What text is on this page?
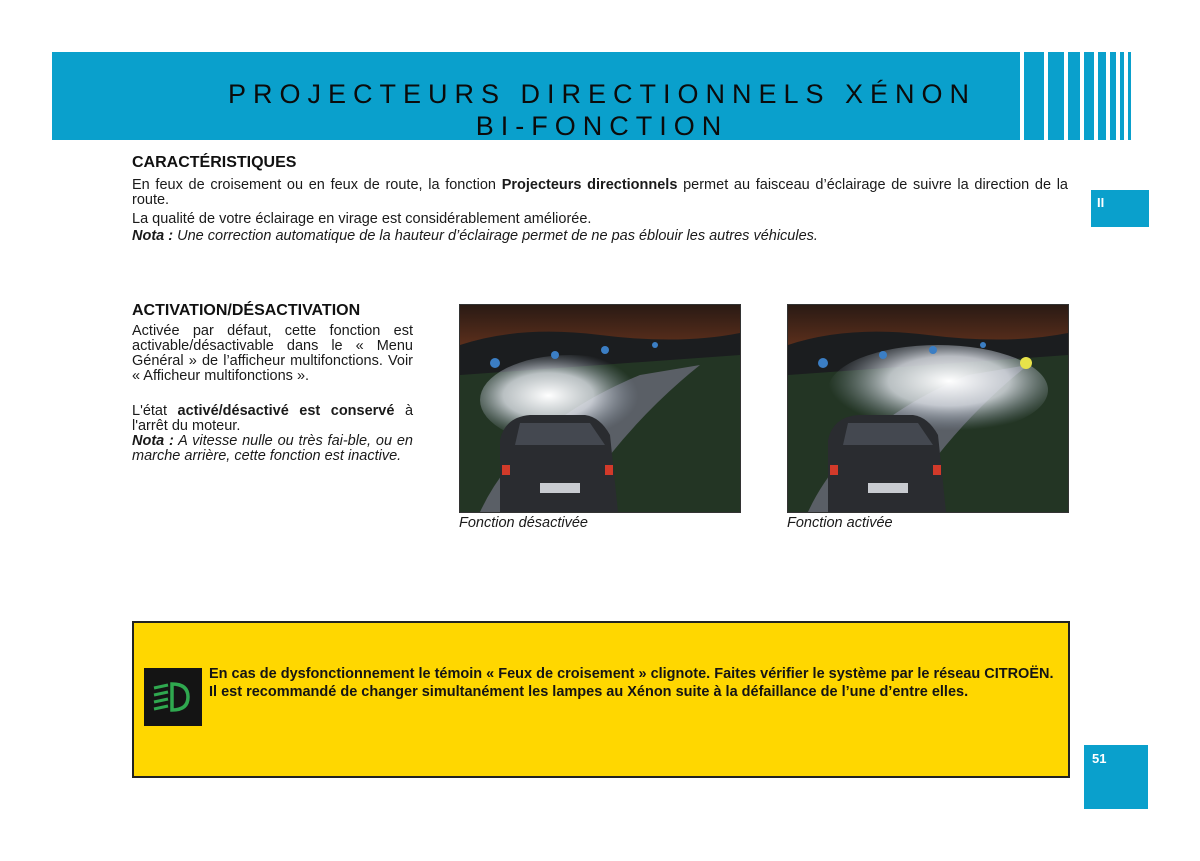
PROJECTEURS DIRECTIONNELS XÉNON
BI-FONCTION
II
CARACTÉRISTIQUES
En feux de croisement ou en feux de route, la fonction Projecteurs directionnels permet au faisceau d’éclairage de suivre la direction de la route.
La qualité de votre éclairage en virage est considérablement améliorée.
Nota : Une correction automatique de la hauteur d’éclairage permet de ne pas éblouir les autres véhicules.
ACTIVATION/DÉSACTIVATION
Activée par défaut, cette fonction est activable/désactivable dans le « Menu Général » de l’afficheur multifonctions. Voir « Afficheur multifonctions ».
L'état activé/désactivé est conservé à l'arrêt du moteur.
Nota : A vitesse nulle ou très fai-ble, ou en marche arrière, cette fonction est inactive.
Fonction désactivée	Fonction activée

En cas de dysfonctionnement le témoin « Feux de croisement » clignote. Faites vérifier le système par le réseau CITROËN.

Il est recommandé de changer simultanément les lampes au Xénon suite à la défaillance de l’une d’entre elles.

51
